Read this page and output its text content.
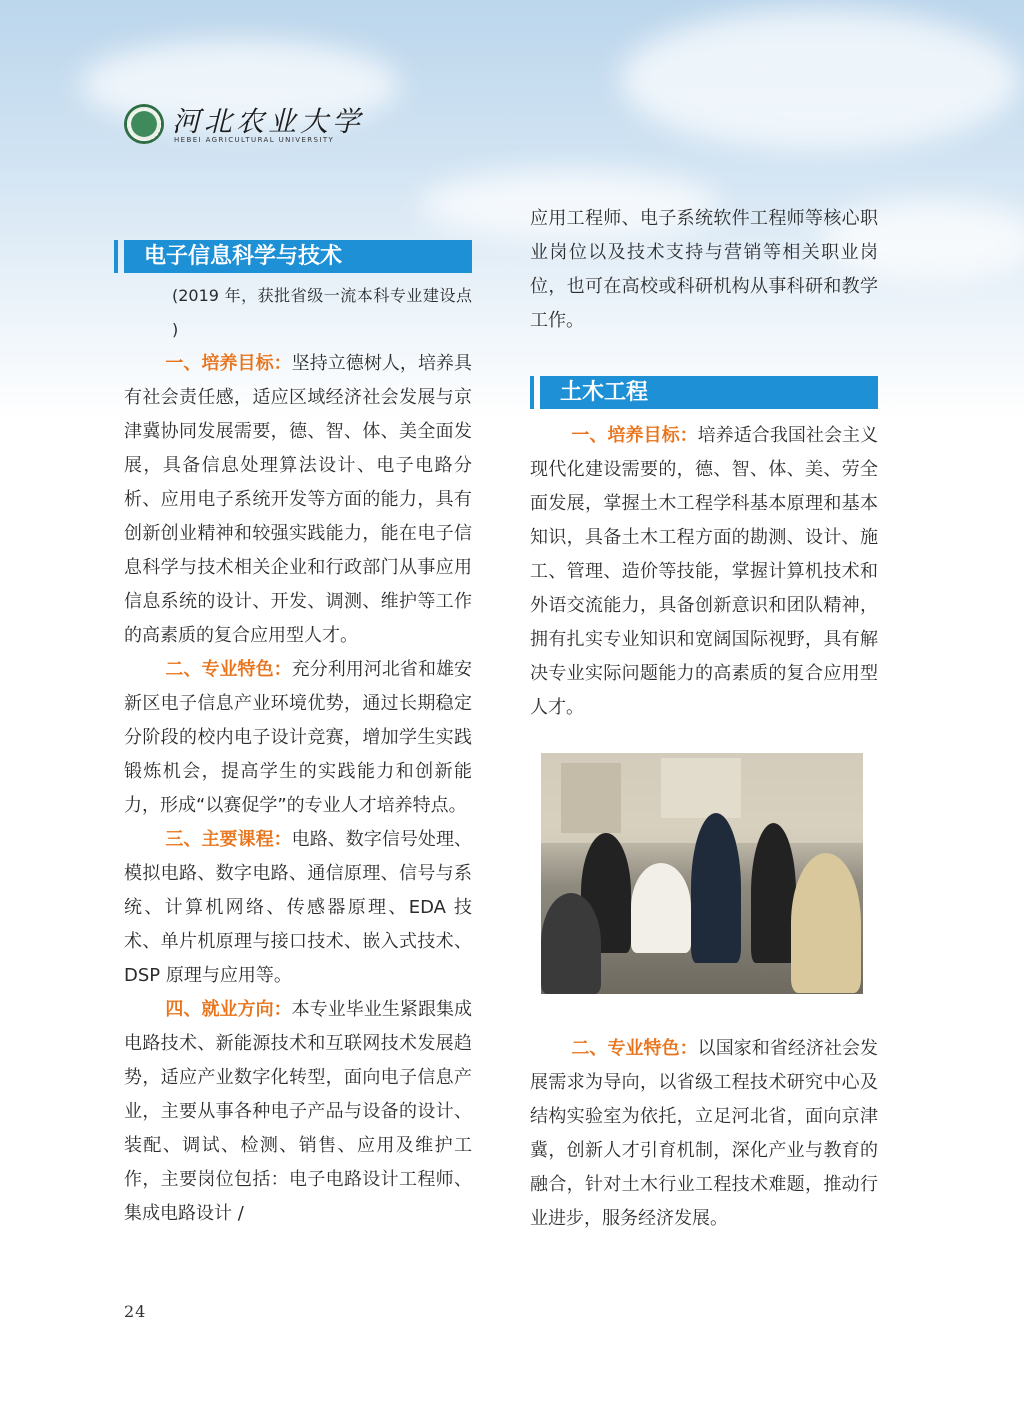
河北农业大学
HEBEI AGRICULTURAL UNIVERSITY
电子信息科学与技术

(2019 年，获批省级一流本科专业建设点 )

一、培养目标：坚持立德树人，培养具有社会责任感，适应区域经济社会发展与京津冀协同发展需要，德、智、体、美全面发展，具备信息处理算法设计、电子电路分析、应用电子系统开发等方面的能力，具有创新创业精神和较强实践能力，能在电子信息科学与技术相关企业和行政部门从事应用信息系统的设计、开发、调测、维护等工作的高素质的复合应用型人才。

二、专业特色：充分利用河北省和雄安新区电子信息产业环境优势，通过长期稳定分阶段的校内电子设计竞赛，增加学生实践锻炼机会，提高学生的实践能力和创新能力，形成“以赛促学”的专业人才培养特点。

三、主要课程：电路、数字信号处理、模拟电路、数字电路、通信原理、信号与系统、计算机网络、传感器原理、EDA 技术、单片机原理与接口技术、嵌入式技术、DSP 原理与应用等。

四、就业方向：本专业毕业生紧跟集成电路技术、新能源技术和互联网技术发展趋势，适应产业数字化转型，面向电子信息产业，主要从事各种电子产品与设备的设计、装配、调试、检测、销售、应用及维护工作，主要岗位包括：电子电路设计工程师、集成电路设计 /

应用工程师、电子系统软件工程师等核心职业岗位以及技术支持与营销等相关职业岗位，也可在高校或科研机构从事科研和教学工作。

土木工程

一、培养目标：培养适合我国社会主义现代化建设需要的，德、智、体、美、劳全面发展，掌握土木工程学科基本原理和基本知识，具备土木工程方面的勘测、设计、施工、管理、造价等技能，掌握计算机技术和外语交流能力，具备创新意识和团队精神，拥有扎实专业知识和宽阔国际视野，具有解决专业实际问题能力的高素质的复合应用型人才。

二、专业特色：以国家和省经济社会发展需求为导向，以省级工程技术研究中心及结构实验室为依托，立足河北省，面向京津冀，创新人才引育机制，深化产业与教育的融合，针对土木行业工程技术难题，推动行业进步，服务经济发展。

24
